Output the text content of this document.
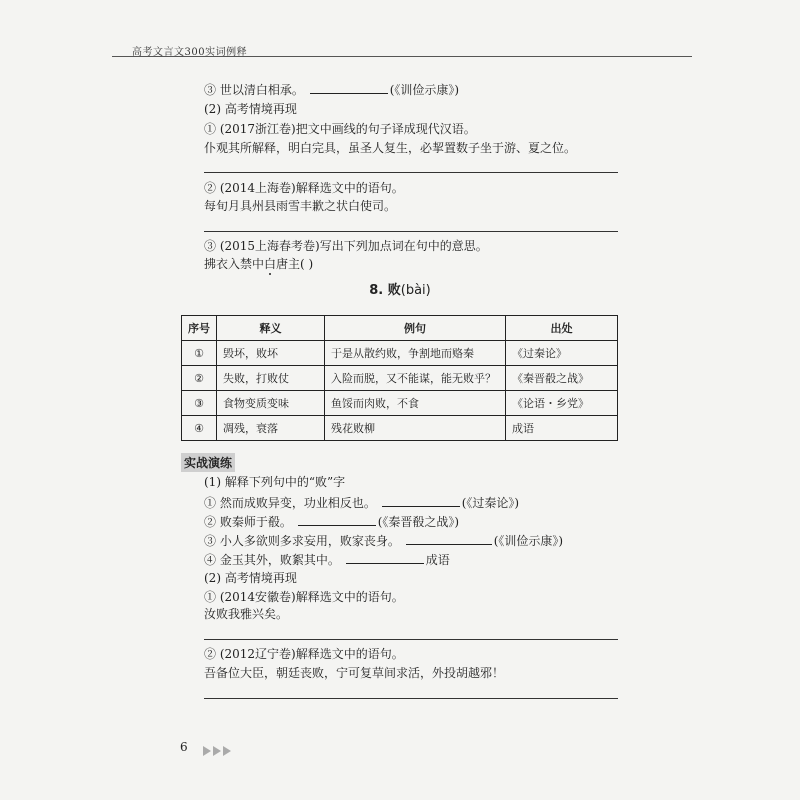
高考文言文300实词例释
③ 世以清白相承。	(《训俭示康》)
(2) 高考情境再现
① (2017浙江卷)把文中画线的句子译成现代汉语。
仆观其所解释，明白完具，虽圣人复生，必挈置数子坐于游、夏之位。
② (2014上海卷)解释选文中的语句。
每旬月具州县雨雪丰歉之状白使司。
③ (2015上海春考卷)写出下列加点词在句中的意思。
拂衣入禁中白唐主( )
8. 败(bài)
序号	释义	例句	出处
①	毁坏，败坏	于是从散约败，争割地而赂秦	《过秦论》
②	失败，打败仗	入险而脱，又不能谋，能无败乎？	《秦晋殽之战》
③	食物变质变味	鱼馁而肉败，不食	《论语・乡党》
④	凋残，衰落	残花败柳	成语
实战演练
(1) 解释下列句中的“败”字
① 然而成败异变，功业相反也。	(《过秦论》)
② 败秦师于殽。	(《秦晋殽之战》)
③ 小人多欲则多求妄用，败家丧身。	(《训俭示康》)
④ 金玉其外，败絮其中。	成语
(2) 高考情境再现
① (2014安徽卷)解释选文中的语句。
汝败我雅兴矣。
② (2012辽宁卷)解释选文中的语句。
吾备位大臣，朝廷丧败，宁可复草间求活，外投胡越邪！
6
